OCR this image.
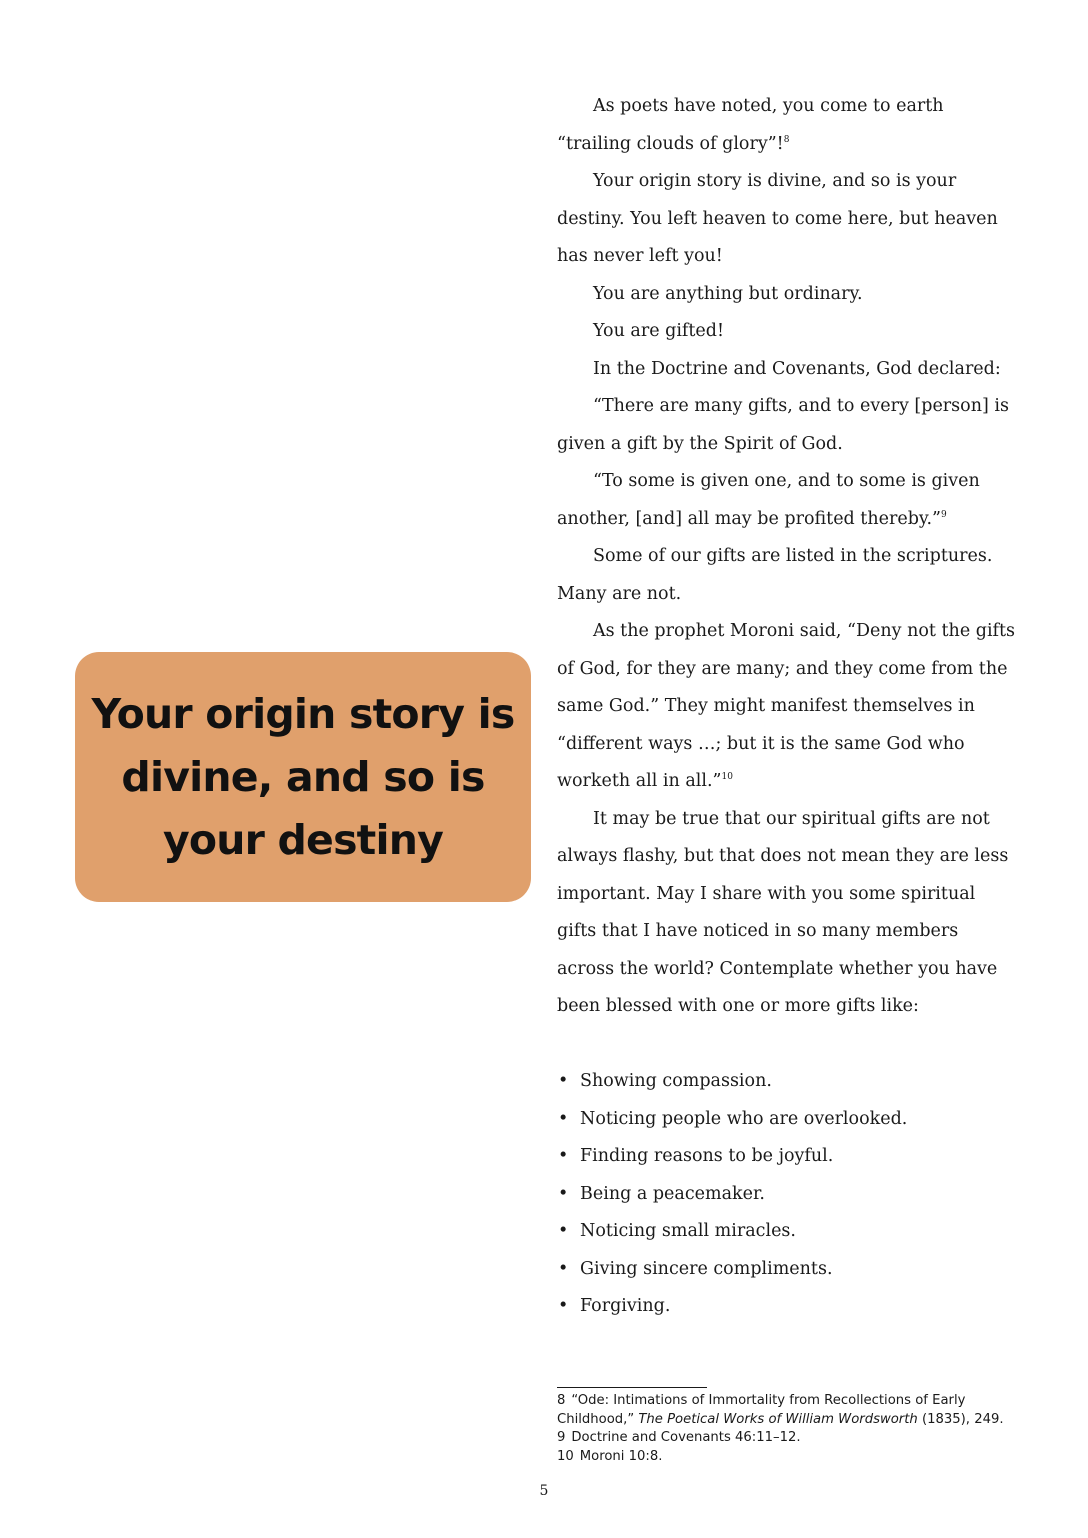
Your origin story is divine, and so is your destiny

As poets have noted, you come to earth “trailing clouds of glory”!$^8$

Your origin story is divine, and so is your destiny. You left heaven to come here, but heaven has never left you!

You are anything but ordinary.

You are gifted!

In the Doctrine and Covenants, God declared:

“There are many gifts, and to every [person] is given a gift by the Spirit of God.

“To some is given one, and to some is given another, [and] all may be profited thereby.”$^9$

Some of our gifts are listed in the scriptures. Many are not.

As the prophet Moroni said, “Deny not the gifts of God, for they are many; and they come from the same God.” They might manifest themselves in “different ways …; but it is the same God who worketh all in all.”$^{10}$

It may be true that our spiritual gifts are not always flashy, but that does not mean they are less important. May I share with you some spiritual gifts that I have noticed in so many members across the world? Contemplate whether you have been blessed with one or more gifts like:

• Showing compassion.
• Noticing people who are overlooked.
• Finding reasons to be joyful.
• Being a peacemaker.
• Noticing small miracles.
• Giving sincere compliments.
• Forgiving.

8 “Ode: Intimations of Immortality from Recollections of Early Childhood,” The Poetical Works of William Wordsworth (1835), 249.

9 Doctrine and Covenants 46:11–12.

10 Moroni 10:8.

5
